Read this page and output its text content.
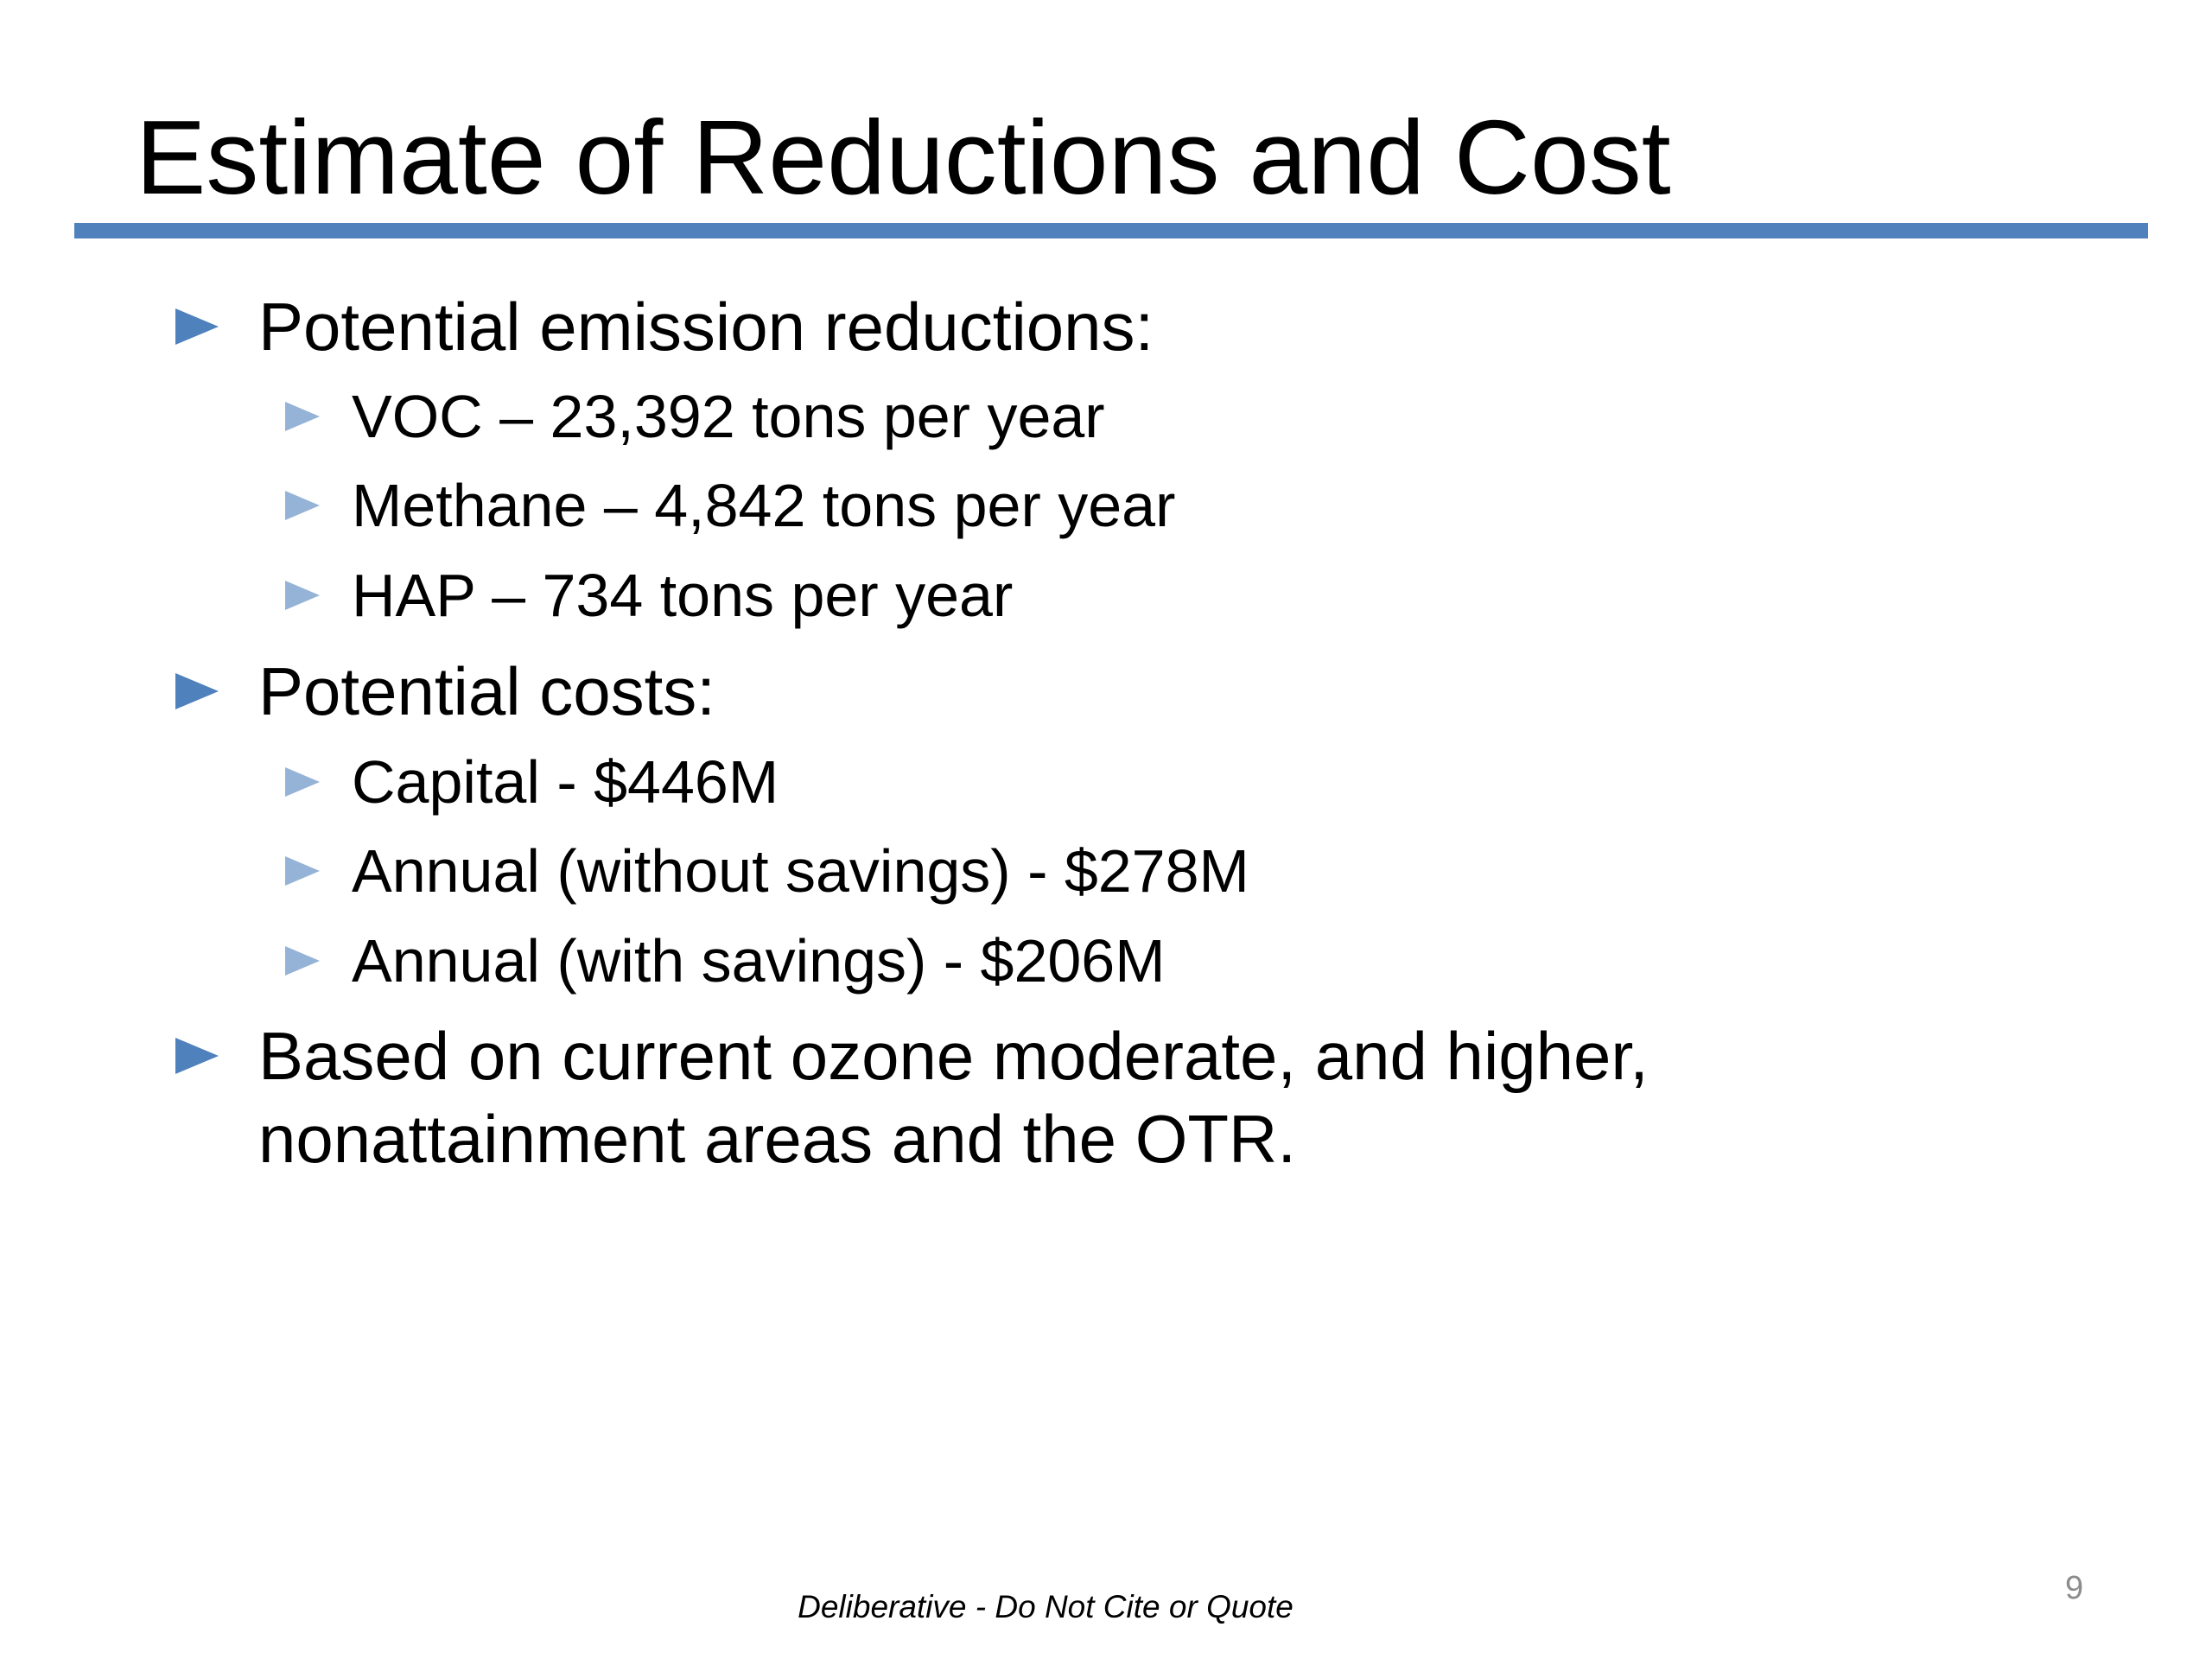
Estimate of Reductions and Cost
Potential emission reductions:
VOC – 23,392 tons per year
Methane – 4,842 tons per year
HAP – 734 tons per year
Potential costs:
Capital - $446M
Annual (without savings) - $278M
Annual (with savings) - $206M
Based on current ozone moderate, and higher, nonattainment areas and the OTR.
Deliberative - Do Not Cite or Quote
9
